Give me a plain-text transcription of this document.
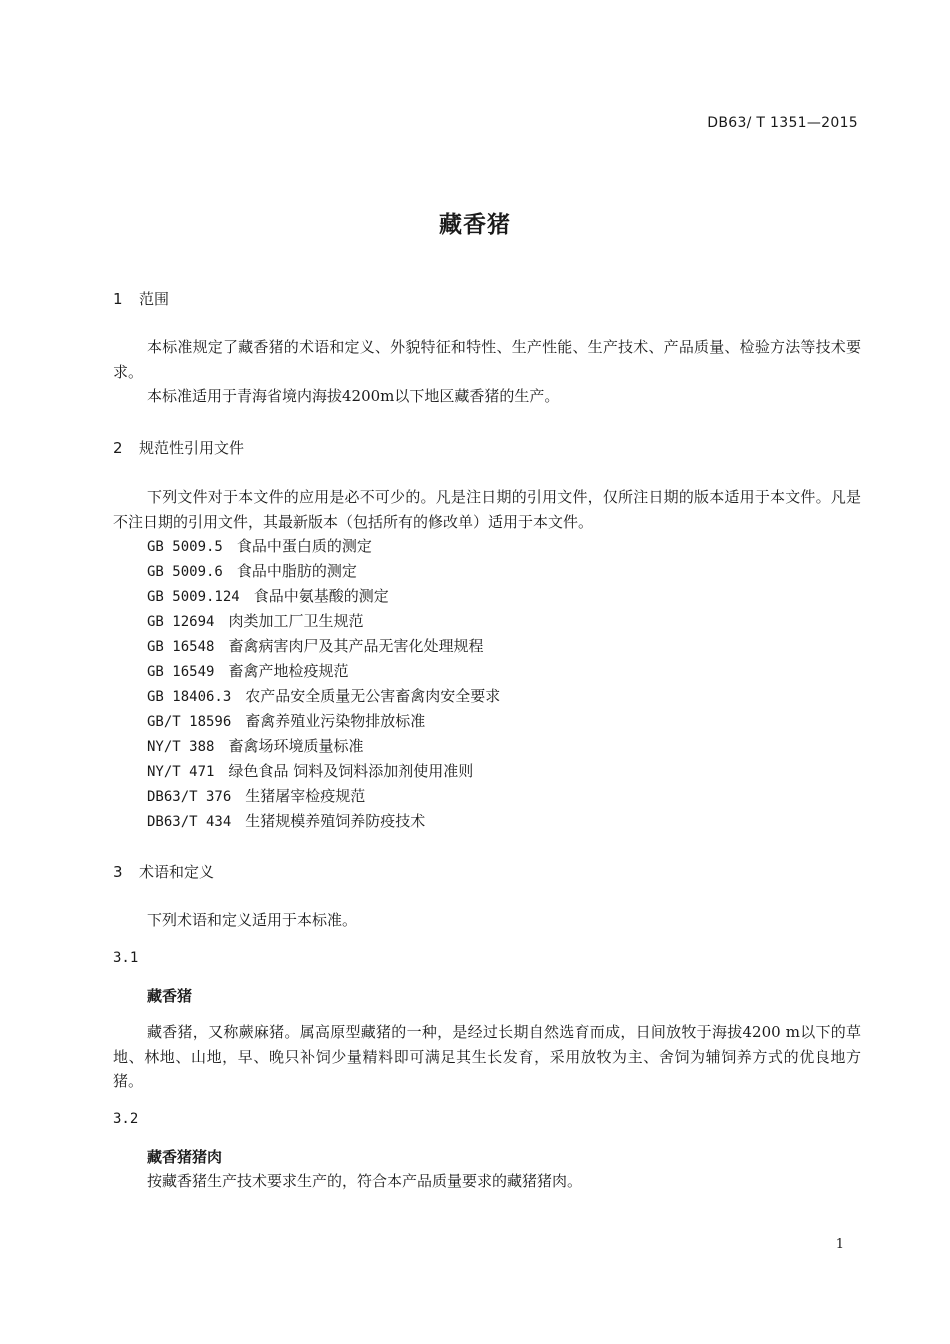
DB63/ T 1351—2015
藏香猪
1 范围
本标准规定了藏香猪的术语和定义、外貌特征和特性、生产性能、生产技术、产品质量、检验方法等技术要求。
本标准适用于青海省境内海拔4200m以下地区藏香猪的生产。
2 规范性引用文件
下列文件对于本文件的应用是必不可少的。凡是注日期的引用文件，仅所注日期的版本适用于本文件。凡是不注日期的引用文件，其最新版本（包括所有的修改单）适用于本文件。
GB 5009.5 食品中蛋白质的测定
GB 5009.6 食品中脂肪的测定
GB 5009.124 食品中氨基酸的测定
GB 12694 肉类加工厂卫生规范
GB 16548 畜禽病害肉尸及其产品无害化处理规程
GB 16549 畜禽产地检疫规范
GB 18406.3 农产品安全质量无公害畜禽肉安全要求
GB/T 18596 畜禽养殖业污染物排放标准
NY/T 388 畜禽场环境质量标准
NY/T 471 绿色食品 饲料及饲料添加剂使用准则
DB63/T 376 生猪屠宰检疫规范
DB63/T 434 生猪规模养殖饲养防疫技术
3 术语和定义
下列术语和定义适用于本标准。
3.1
藏香猪
藏香猪，又称蕨麻猪。属高原型藏猪的一种，是经过长期自然选育而成，日间放牧于海拔4200 m以下的草地、林地、山地，早、晚只补饲少量精料即可满足其生长发育，采用放牧为主、舍饲为辅饲养方式的优良地方猪。
3.2
藏香猪猪肉
按藏香猪生产技术要求生产的，符合本产品质量要求的藏猪猪肉。
1
